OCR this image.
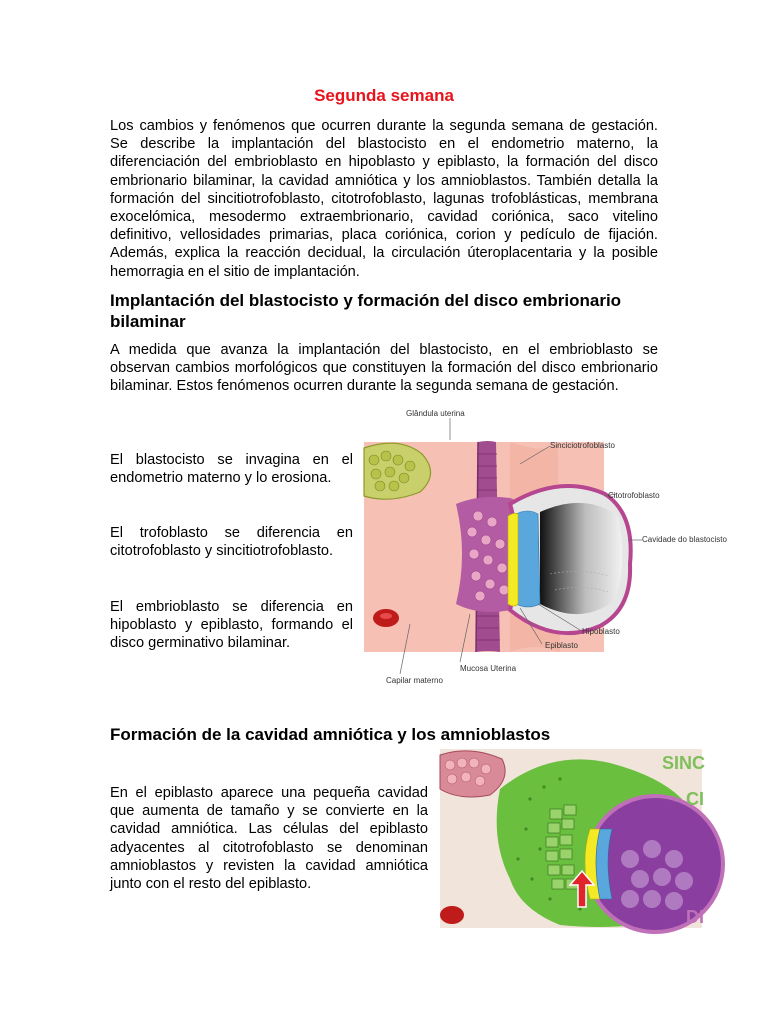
Segunda semana
Los cambios y fenómenos que ocurren durante la segunda semana de gestación. Se describe la implantación del blastocisto en el endometrio materno, la diferenciación del embrioblasto en hipoblasto y epiblasto, la formación del disco embrionario bilaminar, la cavidad amniótica y los amnioblastos. También detalla la formación del sincitiotrofoblasto, citotrofoblasto, lagunas trofoblásticas, membrana exocelómica, mesodermo extraembrionario, cavidad coriónica, saco vitelino definitivo, vellosidades primarias, placa coriónica, corion y pedículo de fijación. Además, explica la reacción decidual, la circulación úteroplacentaria y la posible hemorragia en el sitio de implantación.
Implantación del blastocisto y formación del disco embrionario bilaminar
A medida que avanza la implantación del blastocisto, en el embrioblasto se observan cambios morfológicos que constituyen la formación del disco embrionario bilaminar. Estos fenómenos ocurren durante la segunda semana de gestación.
El blastocisto se invagina en el endometrio materno y lo erosiona.
El trofoblasto se diferencia en citotrofoblasto y sincitiotrofoblasto.
El embrioblasto se diferencia en hipoblasto y epiblasto, formando el disco germinativo bilaminar.
Glândula uterina
Sinciciotrofoblasto
Citotrofoblasto
Cavidade do blastocisto
Hipoblasto
Epiblasto
Mucosa Uterina
Capilar materno
Formación de la cavidad amniótica y los amnioblastos
En el epiblasto aparece una pequeña cavidad que aumenta de tamaño y se convierte en la cavidad amniótica. Las células del epiblasto adyacentes al citotrofoblasto se denominan amnioblastos y revisten la cavidad amniótica junto con el resto del epiblasto.
SINC
CI
DI
